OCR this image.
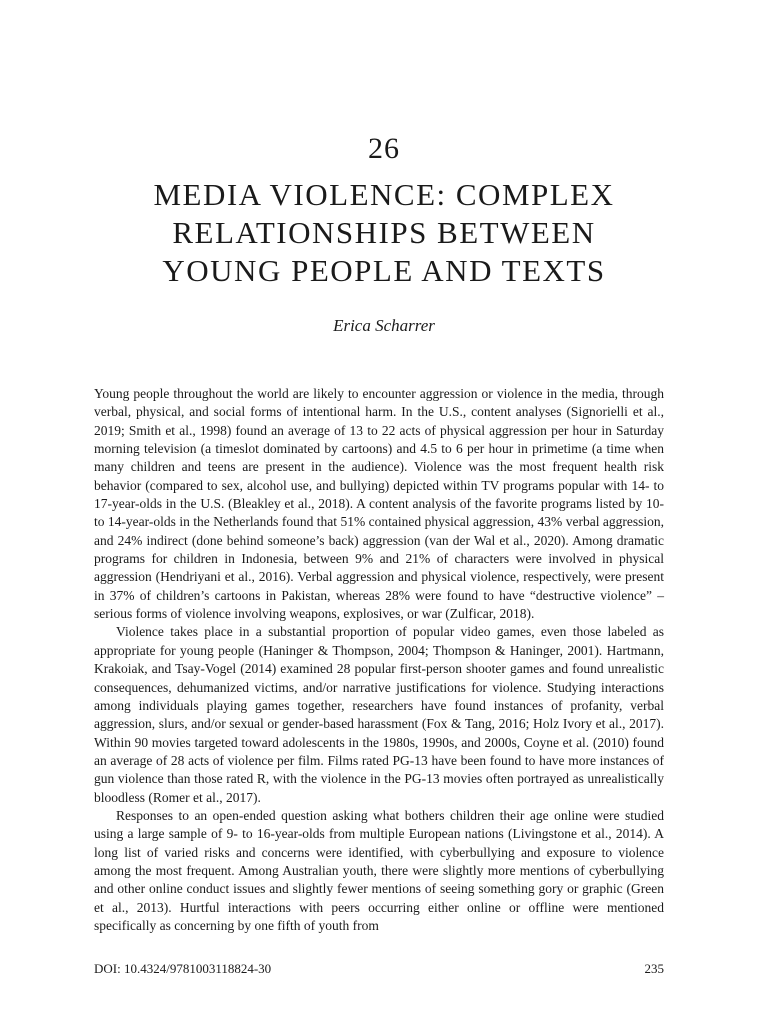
26
MEDIA VIOLENCE: COMPLEX
RELATIONSHIPS BETWEEN
YOUNG PEOPLE AND TEXTS
Erica Scharrer

Young people throughout the world are likely to encounter aggression or violence in the media, through verbal, physical, and social forms of intentional harm. In the U.S., content analyses (Signorielli et al., 2019; Smith et al., 1998) found an average of 13 to 22 acts of physical aggression per hour in Saturday morning television (a timeslot dominated by cartoons) and 4.5 to 6 per hour in primetime (a time when many children and teens are present in the audience). Violence was the most frequent health risk behavior (compared to sex, alcohol use, and bullying) depicted within TV programs popular with 14- to 17-year-olds in the U.S. (Bleakley et al., 2018). A content analysis of the favorite programs listed by 10- to 14-year-olds in the Netherlands found that 51% contained physical aggression, 43% verbal aggression, and 24% indirect (done behind someone’s back) aggression (van der Wal et al., 2020). Among dramatic programs for children in Indonesia, between 9% and 21% of characters were involved in physical aggression (Hendriyani et al., 2016). Verbal aggression and physical violence, respectively, were present in 37% of children’s cartoons in Pakistan, whereas 28% were found to have “destructive violence” – serious forms of violence involving weapons, explosives, or war (Zulficar, 2018).

Violence takes place in a substantial proportion of popular video games, even those labeled as appropriate for young people (Haninger & Thompson, 2004; Thompson & Haninger, 2001). Hartmann, Krakoiak, and Tsay-Vogel (2014) examined 28 popular first-person shooter games and found unrealistic consequences, dehumanized victims, and/or narrative justifications for violence. Studying interactions among individuals playing games together, researchers have found instances of profanity, verbal aggression, slurs, and/or sexual or gender-based harassment (Fox & Tang, 2016; Holz Ivory et al., 2017). Within 90 movies targeted toward adolescents in the 1980s, 1990s, and 2000s, Coyne et al. (2010) found an average of 28 acts of violence per film. Films rated PG-13 have been found to have more instances of gun violence than those rated R, with the violence in the PG-13 movies often portrayed as unrealistically bloodless (Romer et al., 2017).

Responses to an open-ended question asking what bothers children their age online were studied using a large sample of 9- to 16-year-olds from multiple European nations (Livingstone et al., 2014). A long list of varied risks and concerns were identified, with cyberbullying and exposure to violence among the most frequent. Among Australian youth, there were slightly more mentions of cyberbullying and other online conduct issues and slightly fewer mentions of seeing something gory or graphic (Green et al., 2013). Hurtful interactions with peers occurring either online or offline were mentioned specifically as concerning by one fifth of youth from

DOI: 10.4324/9781003118824-30	235
